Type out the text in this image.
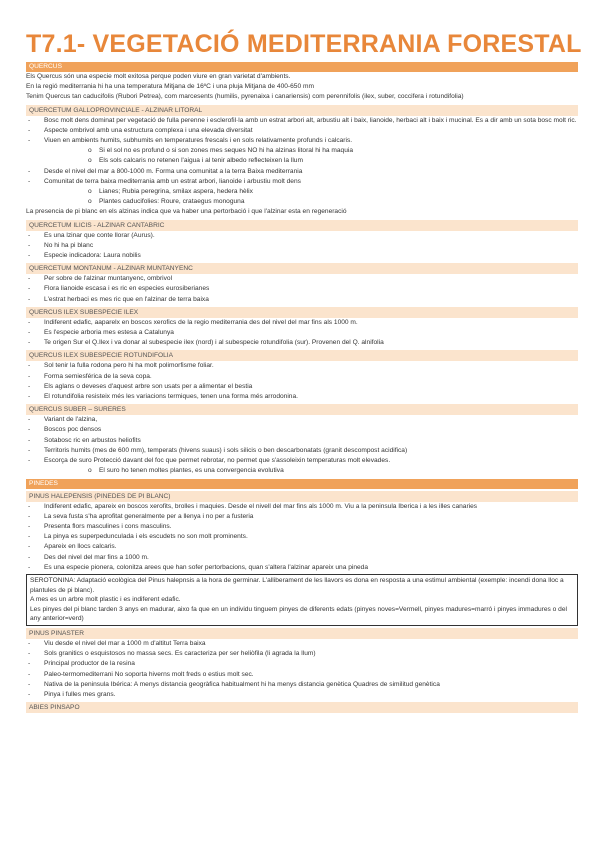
T7.1- VEGETACIÓ MEDITERRANIA FORESTAL
QUERCUS

Els Quercus són una especie molt exitosa perque poden viure en gran varietat d'ambients.

En la regió mediterrania hi ha una temperatura Mitjana de 16ºC i una pluja Mitjana de 400-650 mm

Tenim Quercus tan caducifolis (Rubori Petrea), com marcesents (humilis, pyrenaixa i canariensis) com perennifolis (ilex, suber, coccifera i rotundifolia)

QUERCETUM GALLOPROVINCIALE - ALZINAR LITORAL
- Bosc molt dens dominat per vegetació de fulla perenne i esclerofil·la amb un estrat arbori alt, arbustiu alt i baix, lianoide, herbaci alt i baix i mucinal. Es a dir amb un sota bosc molt ric.
- Aspecte ombrivol amb una estructura complexa i una elevada diversitat
- Viuen en ambients humits, subhumits en temperatures frescals i en sols relativamente profunds i calcaris.
o Si el sol no es profund o si son zones mes seques NO hi ha alzinas litoral hi ha maquia
o Els sols calcaris no retenen l'aigua i al tenir albedo reflecteixen la llum
- Desde el nivel del mar a 800-1000 m. Forma una comunitat a la terra Baixa mediterrania
- Comunitat de terra baixa mediterrania amb un estrat arbori, lianoide i arbustiu molt dens
o Lianes; Rubia peregrina, smilax aspera, hedera hèlix
o Plantes caducifolies: Roure, crataegus monoguna

La presencia de pi blanc en els alzinas indica que va haber una pertorbació i que l'alzinar esta en regeneració

QUERCETUM ILICIS - ALZINAR CANTABRIC
- Es una lzinar que conte llorar (Aurus).
- No hi ha pi blanc
- Especie indicadora: Laura nobilis
QUERCETUM MONTANUM - ALZINAR MUNTANYENC
- Per sobre de l'alzinar muntanyenc, ombrivol
- Flora lianoide escasa i es ric en especies eurosiberianes
- L'estrat herbaci es mes ric que en l'alzinar de terra baixa
QUERCUS ILEX SUBESPECIE ILEX
- Indiferent edafic, aaparelx en boscos xerofics de la regio mediterrania des del nivel del mar fins als 1000 m.
- Es l'especie arboria mes estesa a Catalunya
- Te origen Sur el Q.Ilex i va donar al subespecie ilex (nord) i al subespecie rotundifolia (sur). Provenen del Q. alnifolia
QUERCUS ILEX SUBESPECIE ROTUNDIFOLIA
- Sol tenir la fulla rodona pero hi ha molt polimorfisme foliar.
- Forma semiesférica de la seva copa.
- Els aglans o deveses d'aquest arbre son usats per a alimentar el bestia
- El rotundifolia resisteix més les variacions termiques, tenen una forma més arrodonina.
QUERCUS SUBER – SURERES
- Variant de l'alzina,
- Boscos poc densos
- Sotabosc ric en arbustos heliofits
- Territoris humits (mes de 600 mm), temperats (hivens suaus) i sols silicis o ben descarbonatats (granit descompost acidifica)
- Escorça de suro Protecció davant del foc que permet rebrotar, no permet que s'assoleixin temperaturas molt elevades.
o El suro ho tenen moltes plantes, es una convergencia evolutiva
PINEDES
PINUS HALEPENSIS (PINEDES DE PI BLANC)
- Indiferent edafic, apareix en boscos xerofits, brolles i maquies. Desde el nivell del mar fins als 1000 m. Viu a la peninsula Iberica i a les illes canaries
- La seva fusta s'ha aprofitat generalmente per a llenya i no per a fusteria
- Presenta flors masculines i cons masculins.
- La pinya es superpedunculada i els escudets no son molt prominents.
- Apareix en llocs calcaris.
- Des del nivel del mar fins a 1000 m.
- Es una especie pionera, colonitza arees que han sofer pertorbacions, quan s'altera l'alzinar apareix una pineda

SEROTONINA: Adaptació ecològica del Pinus halepnsis a la hora de germinar. L'alliberament de les llavors es dona en resposta a una estimul ambiental (exemple: incendi dona lloc a plantules de pi blanc).

A mes es un arbre molt plastic i es indiferent edafic.

Les pinyes del pi blanc tarden 3 anys en madurar, aixo fa que en un individu tinguem pinyes de diferents edats (pinyes noves=Vermell, pinyes madures=marró i pinyes immadures o del any anterior=verd)

PINUS PINASTER
- Viu desde el nivel del mar a 1000 m d'altitut Terra baixa
- Sols granitics o esquistosos no massa secs. Es caracteriza per ser heliòfila (li agrada la llum)
- Principal productor de la resina
- Paleo-termomediterrani No soporta hiverns molt freds o estius molt sec.
- Nativa de la peninsula Ibérica: A menys distancia geogràfica habitualment hi ha menys distancia genètica Quadres de similitud genètica
- Pinya i fulles mes grans.
ABIES PINSAPO
